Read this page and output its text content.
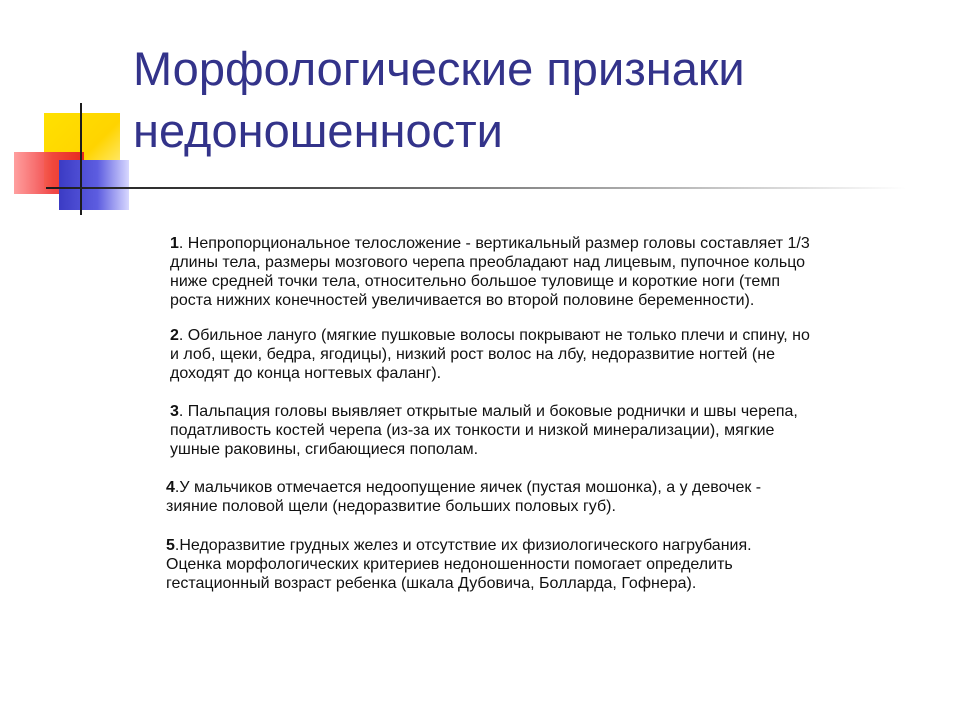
Морфологические признаки
недоношенности

1. Непропорциональное телосложение - вертикальный размер головы составляет 1/3
длины тела, размеры мозгового черепа преобладают над лицевым, пупочное кольцо
ниже средней точки тела, относительно большое туловище и короткие ноги (темп
роста нижних конечностей увеличивается во второй половине беременности).

2. Обильное лануго (мягкие пушковые волосы покрывают не только плечи и спину, но
и лоб, щеки, бедра, ягодицы), низкий рост волос на лбу, недоразвитие ногтей (не
доходят до конца ногтевых фаланг).

3. Пальпация головы выявляет открытые малый и боковые роднички и швы черепа,
податливость костей черепа (из-за их тонкости и низкой минерализации), мягкие
ушные раковины, сгибающиеся пополам.

4.У мальчиков отмечается недоопущение яичек (пустая мошонка), а у девочек -
зияние половой щели (недоразвитие больших половых губ).

5.Недоразвитие грудных желез и отсутствие их физиологического нагрубания.
Оценка морфологических критериев недоношенности помогает определить
гестационный возраст ребенка (шкала Дубовича, Болларда, Гофнера).
